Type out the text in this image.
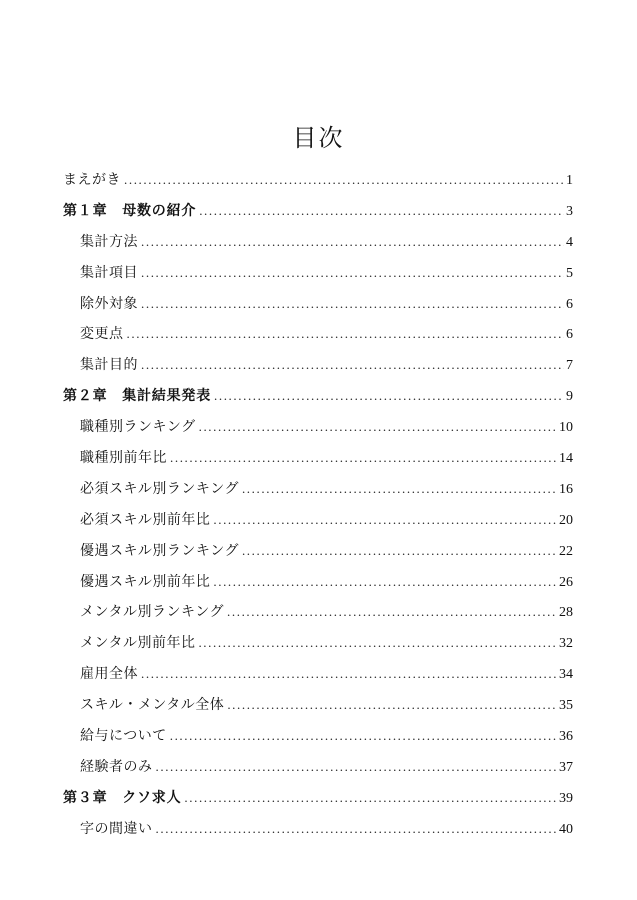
目次
まえがき .....	1
第１章　母数の紹介 .....	3
集計方法 .....	4
集計項目 .....	5
除外対象 .....	6
変更点 .....	6
集計目的 .....	7
第２章　集計結果発表 .....	9
職種別ランキング .....	10
職種別前年比 .....	14
必須スキル別ランキング .....	16
必須スキル別前年比 .....	20
優遇スキル別ランキング .....	22
優遇スキル別前年比 .....	26
メンタル別ランキング .....	28
メンタル別前年比 .....	32
雇用全体 .....	34
スキル・メンタル全体 .....	35
給与について .....	36
経験者のみ .....	37
第３章　クソ求人 .....	39
字の間違い .....	40
